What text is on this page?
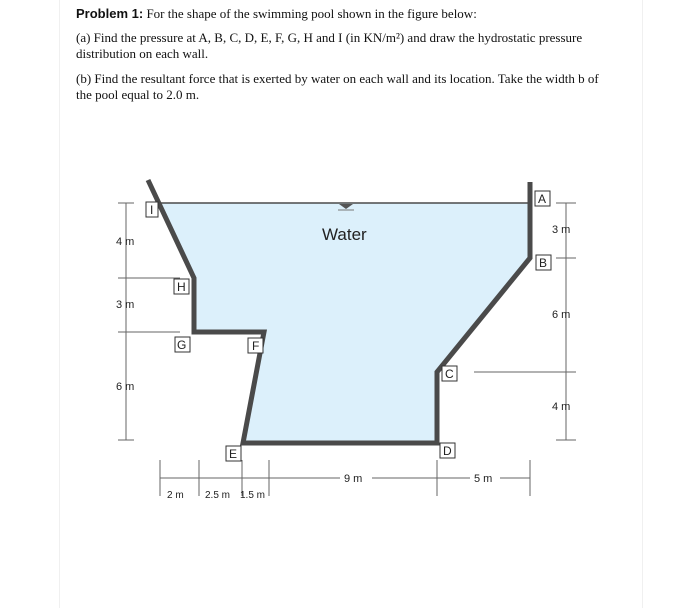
Problem 1: For the shape of the swimming pool shown in the figure below:

(a) Find the pressure at A, B, C, D, E, F, G, H and I (in KN/m²) and draw the hydrostatic pressure
distribution on each wall.

(b) Find the resultant force that is exerted by water on each wall and its location. Take the width b of
the pool equal to 2.0 m.

4 m
3 m
6 m
3 m
6 m
4 m
2 m 2.5 m 1.5 m
9 m	5 m
Water
A
B
C
D
E
F
G
H
I
